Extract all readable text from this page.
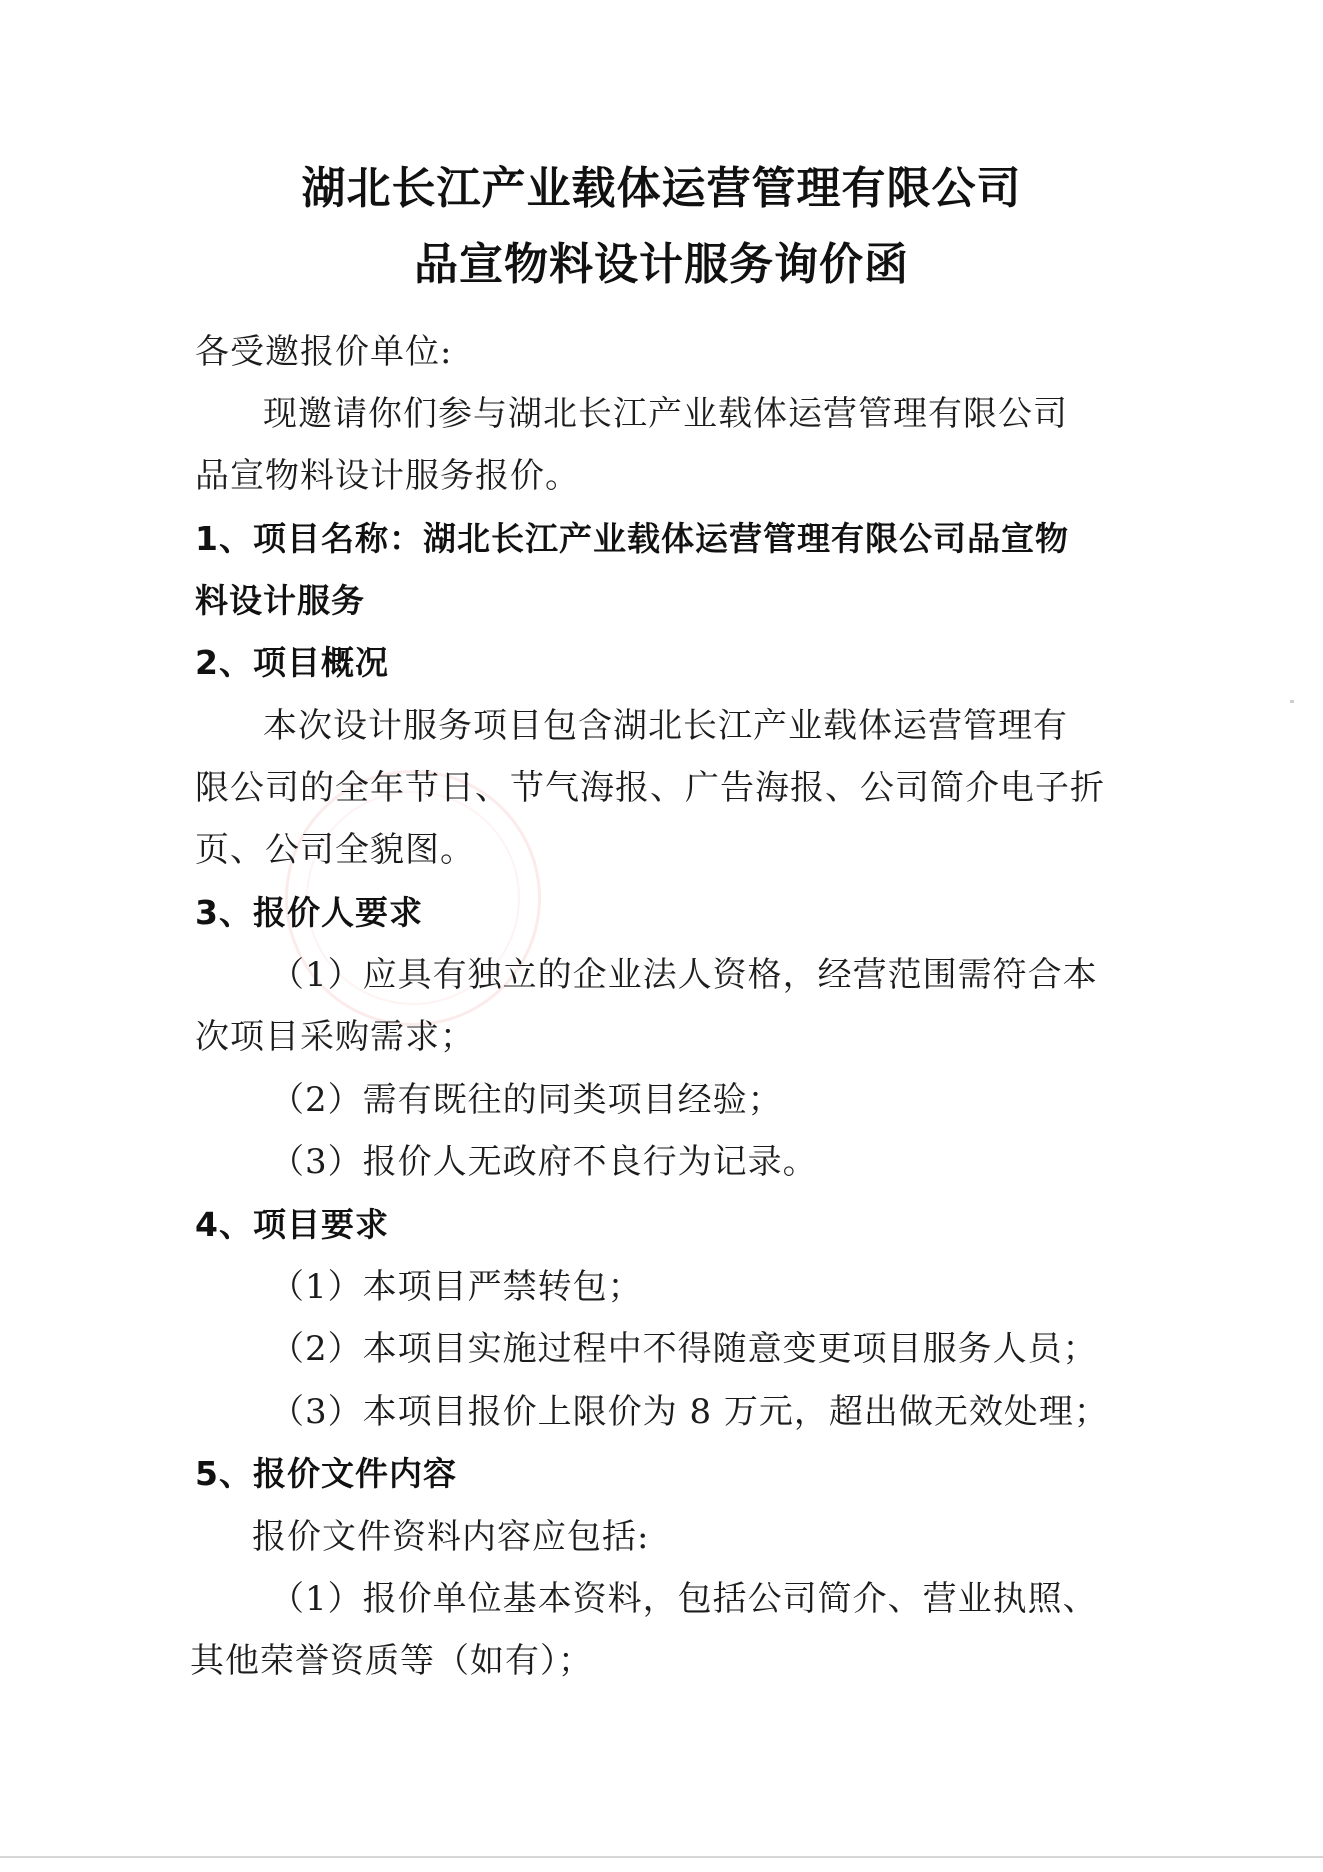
湖北长江产业载体运营管理有限公司
品宣物料设计服务询价函
各受邀报价单位:
现邀请你们参与湖北长江产业载体运营管理有限公司
品宣物料设计服务报价。
1、项目名称：湖北长江产业载体运营管理有限公司品宣物
料设计服务
2、项目概况
本次设计服务项目包含湖北长江产业载体运营管理有
限公司的全年节日、节气海报、广告海报、公司简介电子折
页、公司全貌图。
3、报价人要求
（1）应具有独立的企业法人资格，经营范围需符合本
次项目采购需求；
（2）需有既往的同类项目经验；
（3）报价人无政府不良行为记录。
4、项目要求
（1）本项目严禁转包；
（2）本项目实施过程中不得随意变更项目服务人员；
（3）本项目报价上限价为 8 万元，超出做无效处理；
5、报价文件内容
报价文件资料内容应包括:
（1）报价单位基本资料，包括公司简介、营业执照、
其他荣誉资质等（如有）；
